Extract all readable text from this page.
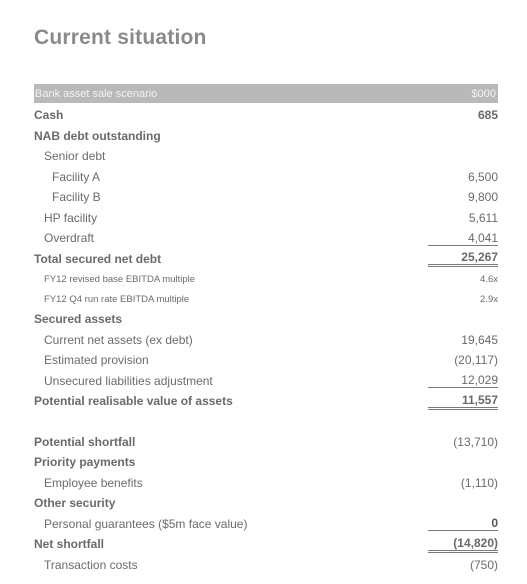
Current situation
Bank asset sale scenario	$000
Cash	685
NAB debt outstanding
Senior debt
Facility A	6,500
Facility B	9,800
HP facility	5,611
Overdraft	4,041
Total secured net debt	25,267
FY12 revised base EBITDA multiple	4.6x
FY12 Q4 run rate EBITDA multiple	2.9x
Secured assets
Current net assets (ex debt)	19,645
Estimated provision	(20,117)
Unsecured liabilities adjustment	12,029
Potential realisable value of assets	11,557
Potential shortfall	(13,710)
Priority payments
Employee benefits	(1,110)
Other security
Personal guarantees ($5m face value)	0
Net shortfall	(14,820)
Transaction costs	(750)
